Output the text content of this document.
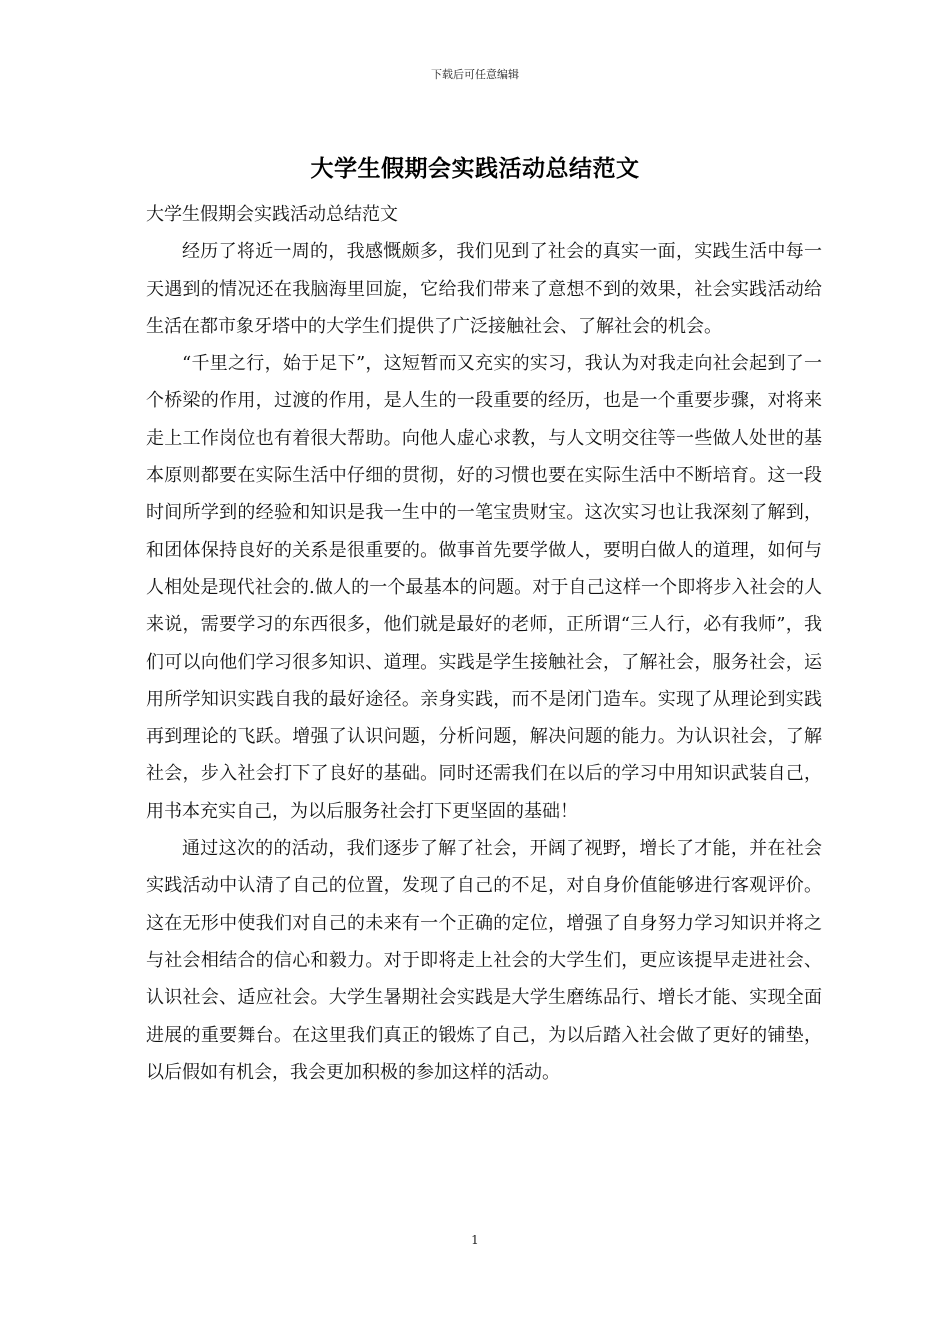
下载后可任意编辑
大学生假期会实践活动总结范文

大学生假期会实践活动总结范文

经历了将近一周的，我感慨颇多，我们见到了社会的真实一面，实践生活中每一天遇到的情况还在我脑海里回旋，它给我们带来了意想不到的效果，社会实践活动给生活在都市象牙塔中的大学生们提供了广泛接触社会、了解社会的机会。

“千里之行，始于足下”，这短暂而又充实的实习，我认为对我走向社会起到了一个桥梁的作用，过渡的作用，是人生的一段重要的经历，也是一个重要步骤，对将来走上工作岗位也有着很大帮助。向他人虚心求教，与人文明交往等一些做人处世的基本原则都要在实际生活中仔细的贯彻，好的习惯也要在实际生活中不断培育。这一段时间所学到的经验和知识是我一生中的一笔宝贵财宝。这次实习也让我深刻了解到，和团体保持良好的关系是很重要的。做事首先要学做人，要明白做人的道理，如何与人相处是现代社会的.做人的一个最基本的问题。对于自己这样一个即将步入社会的人来说，需要学习的东西很多，他们就是最好的老师，正所谓“三人行，必有我师”，我们可以向他们学习很多知识、道理。实践是学生接触社会，了解社会，服务社会，运用所学知识实践自我的最好途径。亲身实践，而不是闭门造车。实现了从理论到实践再到理论的飞跃。增强了认识问题，分析问题，解决问题的能力。为认识社会，了解社会，步入社会打下了良好的基础。同时还需我们在以后的学习中用知识武装自己，用书本充实自己，为以后服务社会打下更坚固的基础！

通过这次的的活动，我们逐步了解了社会，开阔了视野，增长了才能，并在社会实践活动中认清了自己的位置，发现了自己的不足，对自身价值能够进行客观评价。这在无形中使我们对自己的未来有一个正确的定位，增强了自身努力学习知识并将之与社会相结合的信心和毅力。对于即将走上社会的大学生们，更应该提早走进社会、认识社会、适应社会。大学生暑期社会实践是大学生磨练品行、增长才能、实现全面进展的重要舞台。在这里我们真正的锻炼了自己，为以后踏入社会做了更好的铺垫，以后假如有机会，我会更加积极的参加这样的活动。

1
